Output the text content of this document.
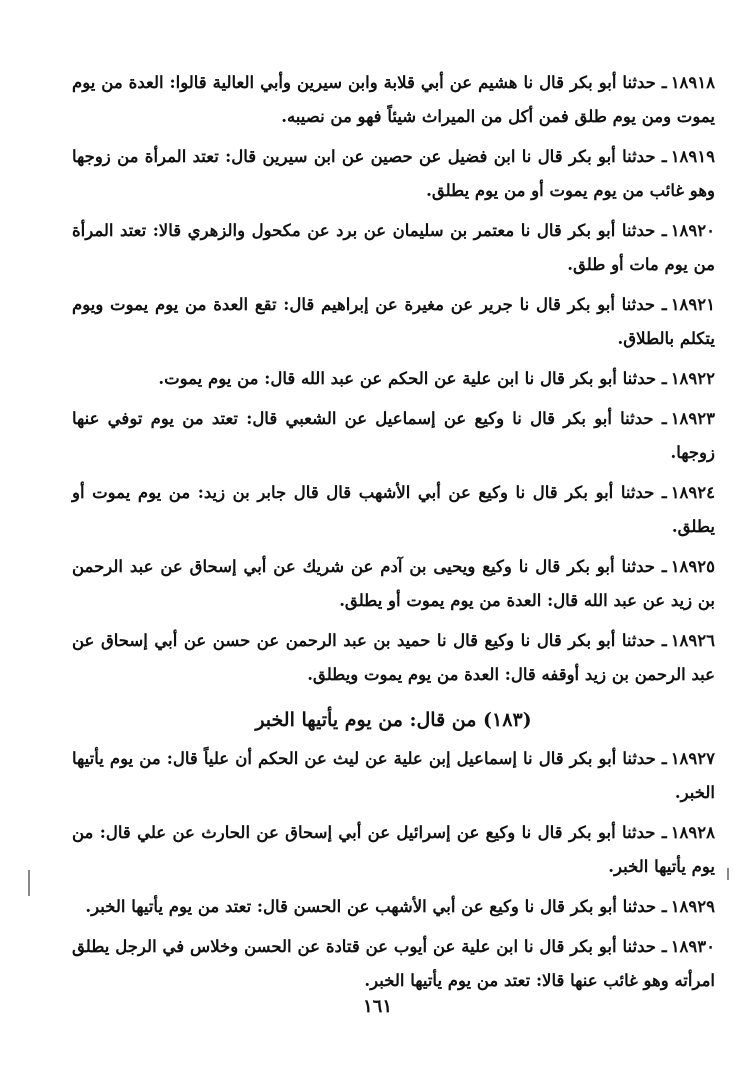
١٨٩١٨ـ حدثنا أبو بكر قال نا هشيم عن أبي قلابة وابن سيرين وأبي العالية قالوا: العدة من يوم يموت ومن يوم طلق فمن أكل من الميراث شيئاً فهو من نصيبه.

١٨٩١٩ـ حدثنا أبو بكر قال نا ابن فضيل عن حصين عن ابن سيرين قال: تعتد المرأة من زوجها وهو غائب من يوم يموت أو من يوم يطلق.

١٨٩٢٠ـ حدثنا أبو بكر قال نا معتمر بن سليمان عن برد عن مكحول والزهري قالا: تعتد المرأة من يوم مات أو طلق.

١٨٩٢١ـ حدثنا أبو بكر قال نا جرير عن مغيرة عن إبراهيم قال: تقع العدة من يوم يموت ويوم يتكلم بالطلاق.

١٨٩٢٢ـ حدثنا أبو بكر قال نا ابن علية عن الحكم عن عبد الله قال: من يوم يموت.

١٨٩٢٣ـ حدثنا أبو بكر قال نا وكيع عن إسماعيل عن الشعبي قال: تعتد من يوم توفي عنها زوجها.

١٨٩٢٤ـ حدثنا أبو بكر قال نا وكيع عن أبي الأشهب قال قال جابر بن زيد: من يوم يموت أو يطلق.

١٨٩٢٥ـ حدثنا أبو بكر قال نا وكيع ويحيى بن آدم عن شريك عن أبي إسحاق عن عبد الرحمن بن زيد عن عبد الله قال: العدة من يوم يموت أو يطلق.

١٨٩٢٦ـ حدثنا أبو بكر قال نا وكيع قال نا حميد بن عبد الرحمن عن حسن عن أبي إسحاق عن عبد الرحمن بن زيد أوقفه قال: العدة من يوم يموت ويطلق.

(١٨٣) من قال: من يوم يأتيها الخبر

١٨٩٢٧ـ حدثنا أبو بكر قال نا إسماعيل إبن علية عن ليث عن الحكم أن علياً قال: من يوم يأتيها الخبر.

١٨٩٢٨ـ حدثنا أبو بكر قال نا وكيع عن إسرائيل عن أبي إسحاق عن الحارث عن علي قال: من يوم يأتيها الخبر.

١٨٩٢٩ـ حدثنا أبو بكر قال نا وكيع عن أبي الأشهب عن الحسن قال: تعتد من يوم يأتيها الخبر.

١٨٩٣٠ـ حدثنا أبو بكر قال نا ابن علية عن أيوب عن قتادة عن الحسن وخلاس في الرجل يطلق امرأته وهو غائب عنها قالا: تعتد من يوم يأتيها الخبر.

١٦١
